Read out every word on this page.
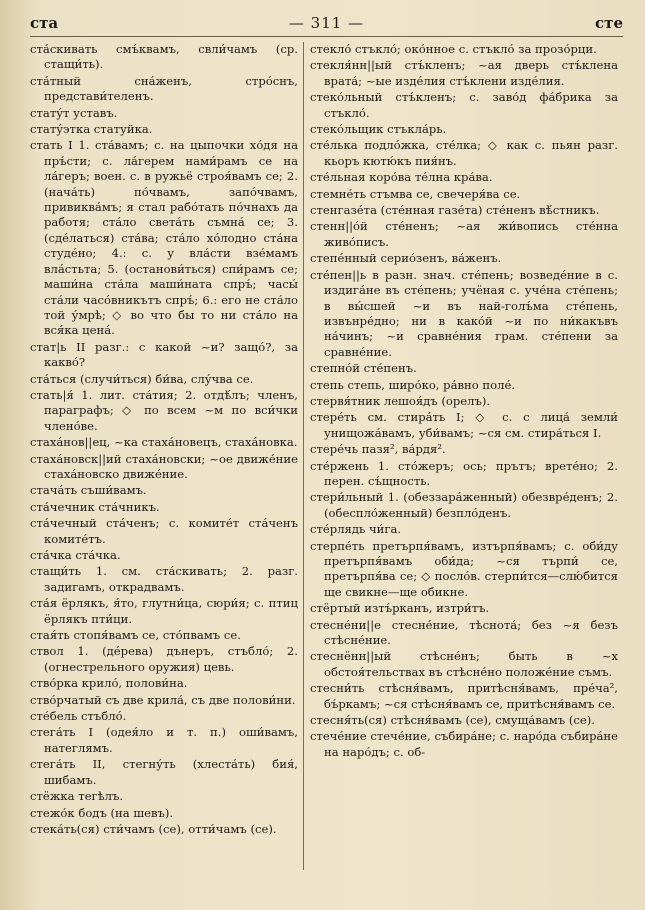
ста	— 311 —	сте

ста́скивать смъ́квамъ, свли́чамъ (ср. стащи́ть).

ста́тный сна́женъ, стро́снъ, представи́теленъ.

стату́т уставъ.

стату́этка статуйка.

стать I 1. ста́вамъ; с. на цыпочки хо́дя на пръ́сти; с. ла́герем нами́рамъ се на ла́геръ; воен. с. в ружьё строя́вамъ се; 2. (нача́ть) по́чвамъ, запо́чвамъ, привиква́мъ; я стал рабо́тать по́чнахъ да работя; ста́ло света́ть съмна́ се; 3. (сде́латься) ста́ва; ста́ло хо́лодно ста́на студе́но; 4.: с. у вла́сти взе́мамъ вла́стьта; 5. (останови́ться) спи́рамъ се; маши́на ста́ла маши́ната спръ́; часы́ ста́ли часо́вникътъ спръ́; 6.: его не ста́ло той у́мрѣ; ◇ во что бы то ни ста́ло на вся́ка цена́.

стат|ь II разг.: с какой ~и? защо́?, за какво́?

ста́ться (случи́ться) би́ва, слу́чва се.

стать|я́ 1. лит. ста́тия; 2. отдѣ́лъ; членъ, параграфъ; ◇ по всем ~м по вси́чки члено́ве.

стаха́нов||ец, ~ка стаха́новецъ, стаха́новка.

стаха́новск||ий стаха́новски; ~ое движе́ние стаха́новско движе́ние.

стача́ть съши́вамъ.

ста́чечник ста́чникъ.

ста́чечный ста́ченъ; с. комите́т ста́ченъ комите́тъ.

ста́чка ста́чка.

стащи́ть 1. см. ста́скивать; 2. разг. задигамъ, открадвамъ.

ста́я ёрлякъ, я́то, глутни́ца, сюри́я; с. птиц ёрлякъ пти́ци.

стая́ть стопя́вамъ се, сто́пвамъ се.

ствол 1. (де́рева) дънеръ, стъбло́; 2. (огнестрельного оружия) цевь.

ство́рка крило́, полови́на.

ство́рчатый съ две крила́, съ две полови́ни.

сте́бель стъбло́.

стега́ть I (одея́ло и т. п.) оши́вамъ, натеглямъ.

стега́ть II, стегну́ть (хлеста́ть) бия́, шибамъ.

стёжка тегѣлъ.

стежо́к бодъ (на шевъ).

стека́ть(ся) сти́чамъ (се), отти́чамъ (се).

стекло́ стъкло́; око́нное с. стъкло́ за прозо́рци.

стекля́нн||ый стъ́кленъ; ~ая дверь стъ́клена врата́; ~ые изде́лия стъ́клени изде́лия.

стеко́льный стъ́кленъ; с. заво́д фа́брика за стъкло́.

стеко́льщик стъкла́рь.

сте́лька подло́жка, сте́лка; ◇ как с. пьян разг. кьоръ кютю́къ пия́нъ.

сте́льная коро́ва те́лна кра́ва.

стемне́ть стъмва се, свечеря́ва се.

стенгазе́та (сте́нная газе́та) сте́ненъ вѣ́стникъ.

стенн||о́й сте́ненъ; ~ая жи́вопись сте́нна живо́писъ.

степе́нный серио́зенъ, ва́женъ.

сте́пен||ь в разн. знач. сте́пень; возведе́ние в с. издига́не въ сте́пень; учёная с. уче́на сте́пень; в вы́сшей ~и въ най-голъ́ма сте́пень, извънре́дно; ни в како́й ~и по ни́какъвъ на́чинъ; ~и сравне́ния грам. сте́пени за сравне́ние.

степно́й сте́пенъ.

степь степь, широ́ко, ра́вно поле́.

стервя́тник лешоя́дъ (орелъ).

стере́ть см. стира́ть I; ◇ с. с лица́ земли́ унищожа́вамъ, уби́вамъ; ~ся см. стира́ться I.

стере́чь пазя², ва́рдя².

сте́ржень 1. сто́жеръ; ось; прътъ; врете́но; 2. перен. съ́щность.

стери́льный 1. (обеззара́женный) обезвре́денъ; 2. (обеспло́женный) безпло́денъ.

сте́рлядь чи́га.

стерпе́ть претърпя́вамъ, изтърпя́вамъ; с. оби́ду претърпя́вамъ оби́да; ~ся търпи́ се, претърпя́ва се; ◇ посло́в. стерпи́тся—слю́бится ще свикне—ще обикне.

стёртый изтъ́рканъ, изтри́тъ.

стесне́ни||е стесне́ние, тѣснота́; без ~я безъ стѣсне́ние.

стеснённ||ый стѣсне́нъ; быть в ~х обстоя́тельствах въ стѣсне́но положе́ние съмъ.

стесни́ть стѣсня́вамъ, притѣсня́вамъ, пре́ча², бъ́ркамъ; ~ся стѣсня́вамъ се, притѣсня́вамъ се.

стесня́ть(ся) стѣсня́вамъ (се), смуща́вамъ (се).

стече́ние стече́ние, събира́не; с. наро́да събира́не на наро́дъ; с. об-
